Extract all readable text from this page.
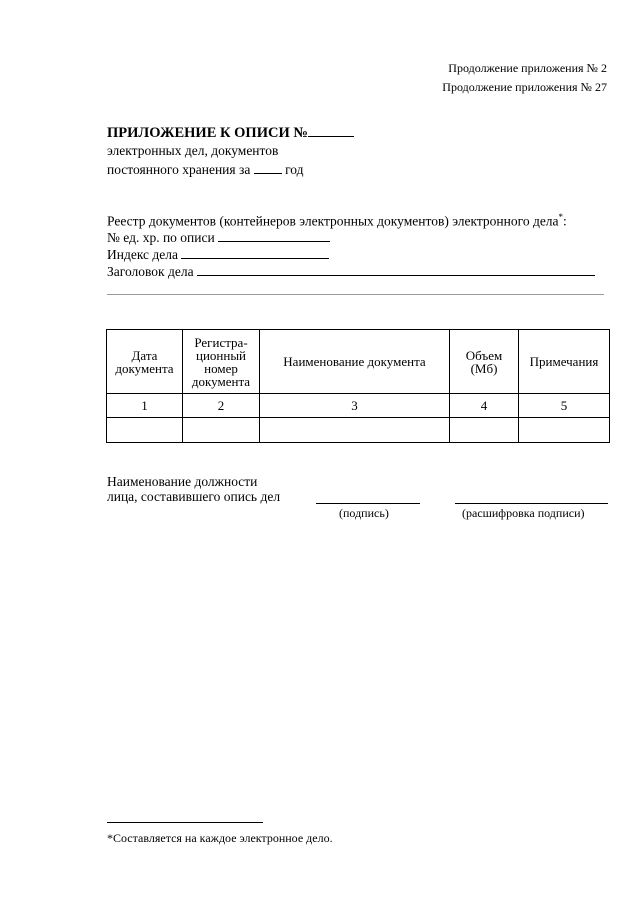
Продолжение приложения № 2
Продолжение приложения № 27
ПРИЛОЖЕНИЕ К ОПИСИ №
электронных дел, документов
постоянного хранения за	год
Реестр документов (контейнеров электронных документов) электронного дела*:
№ ед. хр. по описи
Индекс дела
Заголовок дела
Дата документа	Регистра-ционный номер документа	Наименование документа	Объем (Мб)	Примечания
1	2	3	4	5

Наименование должности
лица, составившего опись дел
(подпись)	(расшифровка подписи)
*Составляется на каждое электронное дело.
